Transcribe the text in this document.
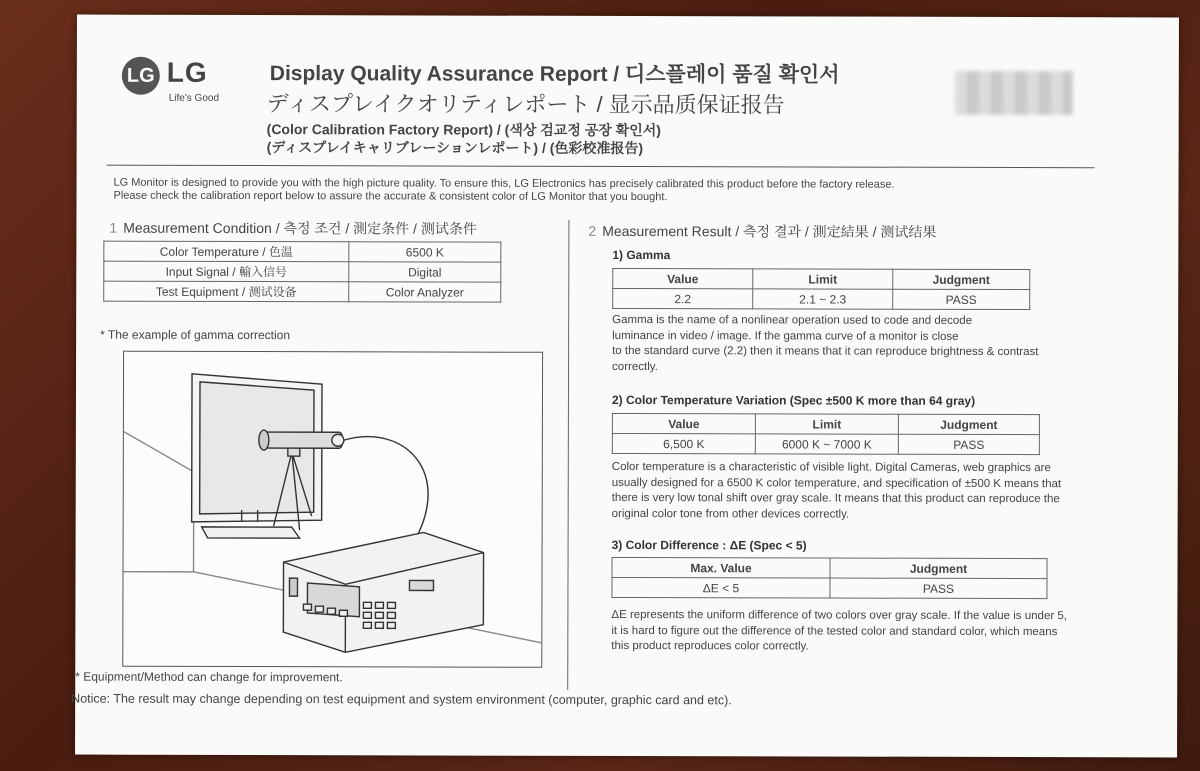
LG LG
Life's Good
Display Quality Assurance Report / 디스플레이 품질 확인서
ディスプレイクオリティレポート / 显示品质保证报告
(Color Calibration Factory Report) / (색상 검교정 공장 확인서)
(ディスプレイキャリブレーションレポート) / (色彩校准报告)
LG Monitor is designed to provide you with the high picture quality. To ensure this, LG Electronics has precisely calibrated this product before the factory release.
Please check the calibration report below to assure the accurate & consistent color of LG Monitor that you bought.
1 Measurement Condition / 측정 조건 / 測定条件 / 测试条件
Color Temperature / 色温	6500 K
Input Signal / 輸入信号	Digital
Test Equipment / 测试设备	Color Analyzer
* The example of gamma correction
* Equipment/Method can change for improvement.
Notice: The result may change depending on test equipment and system environment (computer, graphic card and etc).
2 Measurement Result / 측정 결과 / 測定結果 / 测试结果
1) Gamma
Value	Limit	Judgment
2.2	2.1 ~ 2.3	PASS
Gamma is the name of a nonlinear operation used to code and decode
luminance in video / image. If the gamma curve of a monitor is close
to the standard curve (2.2) then it means that it can reproduce brightness & contrast
correctly.
2) Color Temperature Variation (Spec ±500 K more than 64 gray)
Value	Limit	Judgment
6,500 K	6000 K ~ 7000 K	PASS
Color temperature is a characteristic of visible light. Digital Cameras, web graphics are
usually designed for a 6500 K color temperature, and specification of ±500 K means that
there is very low tonal shift over gray scale. It means that this product can reproduce the
original color tone from other devices correctly.
3) Color Difference : ΔE (Spec < 5)
Max. Value	Judgment
ΔE < 5	PASS
ΔE represents the uniform difference of two colors over gray scale. If the value is under 5,
it is hard to figure out the difference of the tested color and standard color, which means
this product reproduces color correctly.
